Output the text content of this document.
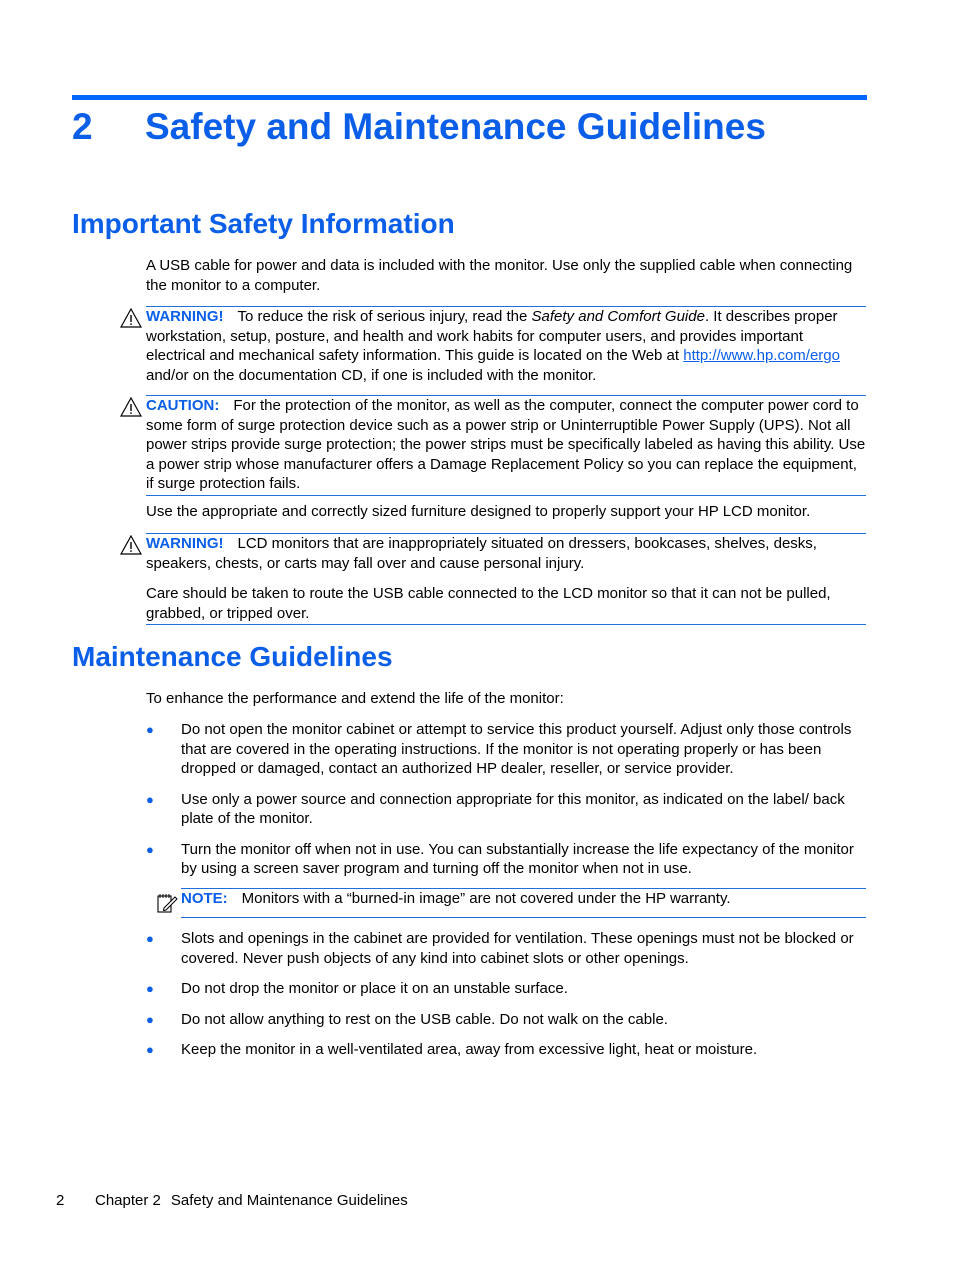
2 Safety and Maintenance Guidelines
Important Safety Information
A USB cable for power and data is included with the monitor. Use only the supplied cable when connecting the monitor to a computer.
WARNING! To reduce the risk of serious injury, read the Safety and Comfort Guide. It describes proper workstation, setup, posture, and health and work habits for computer users, and provides important electrical and mechanical safety information. This guide is located on the Web at http://www.hp.com/ergo and/or on the documentation CD, if one is included with the monitor.
CAUTION: For the protection of the monitor, as well as the computer, connect the computer power cord to some form of surge protection device such as a power strip or Uninterruptible Power Supply (UPS). Not all power strips provide surge protection; the power strips must be specifically labeled as having this ability. Use a power strip whose manufacturer offers a Damage Replacement Policy so you can replace the equipment, if surge protection fails.
Use the appropriate and correctly sized furniture designed to properly support your HP LCD monitor.
WARNING! LCD monitors that are inappropriately situated on dressers, bookcases, shelves, desks, speakers, chests, or carts may fall over and cause personal injury.
Care should be taken to route the USB cable connected to the LCD monitor so that it can not be pulled, grabbed, or tripped over.
Maintenance Guidelines
To enhance the performance and extend the life of the monitor:
● Do not open the monitor cabinet or attempt to service this product yourself. Adjust only those controls that are covered in the operating instructions. If the monitor is not operating properly or has been dropped or damaged, contact an authorized HP dealer, reseller, or service provider.
● Use only a power source and connection appropriate for this monitor, as indicated on the label/ back plate of the monitor.
● Turn the monitor off when not in use. You can substantially increase the life expectancy of the monitor by using a screen saver program and turning off the monitor when not in use.
NOTE: Monitors with a “burned-in image” are not covered under the HP warranty.
● Slots and openings in the cabinet are provided for ventilation. These openings must not be blocked or covered. Never push objects of any kind into cabinet slots or other openings.
● Do not drop the monitor or place it on an unstable surface.
● Do not allow anything to rest on the USB cable. Do not walk on the cable.
● Keep the monitor in a well-ventilated area, away from excessive light, heat or moisture.
2 Chapter 2 Safety and Maintenance Guidelines
